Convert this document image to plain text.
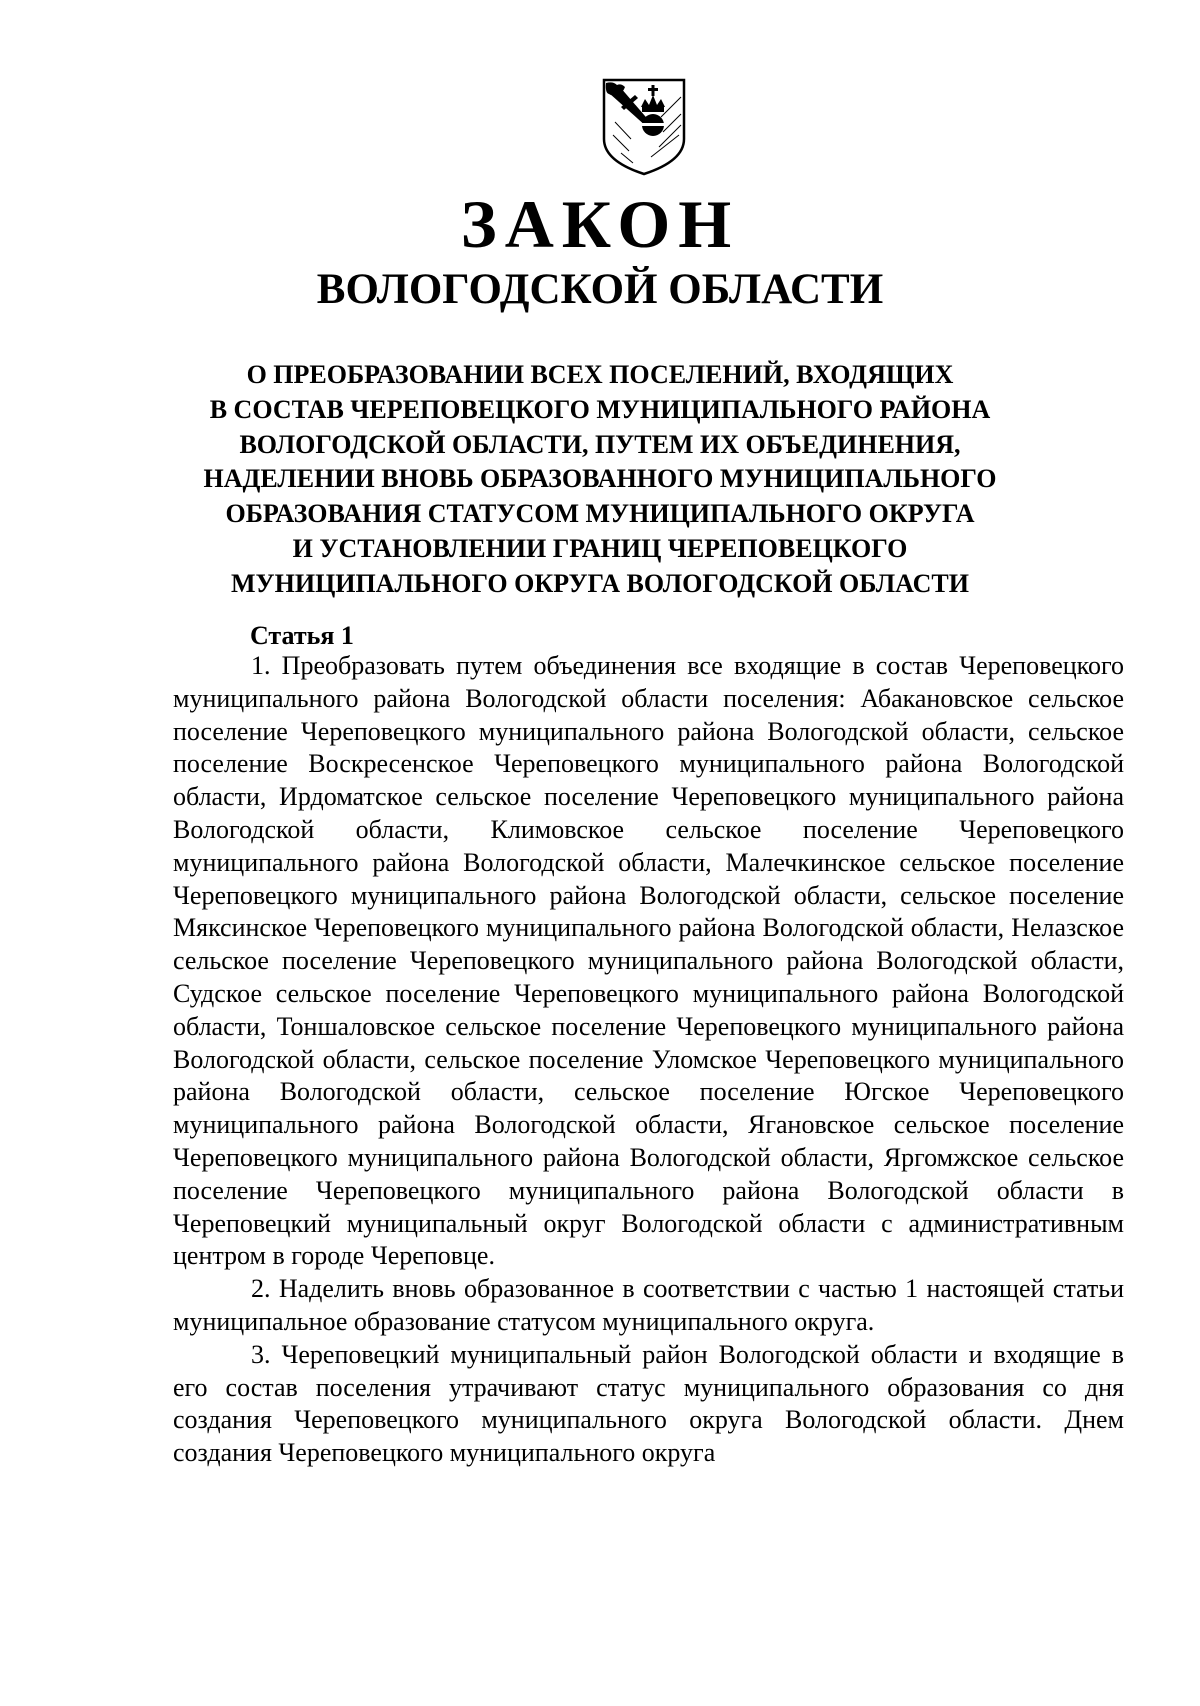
ЗАКОН
ВОЛОГОДСКОЙ ОБЛАСТИ
О ПРЕОБРАЗОВАНИИ ВСЕХ ПОСЕЛЕНИЙ, ВХОДЯЩИХ
В СОСТАВ ЧЕРЕПОВЕЦКОГО МУНИЦИПАЛЬНОГО РАЙОНА
ВОЛОГОДСКОЙ ОБЛАСТИ, ПУТЕМ ИХ ОБЪЕДИНЕНИЯ,
НАДЕЛЕНИИ ВНОВЬ ОБРАЗОВАННОГО МУНИЦИПАЛЬНОГО
ОБРАЗОВАНИЯ СТАТУСОМ МУНИЦИПАЛЬНОГО ОКРУГА
И УСТАНОВЛЕНИИ ГРАНИЦ ЧЕРЕПОВЕЦКОГО
МУНИЦИПАЛЬНОГО ОКРУГА ВОЛОГОДСКОЙ ОБЛАСТИ
Статья 1

1. Преобразовать путем объединения все входящие в состав Череповецкого муниципального района Вологодской области поселения: Абакановское сельское поселение Череповецкого муниципального района Вологодской области, сельское поселение Воскресенское Череповецкого муниципального района Вологодской области, Ирдоматское сельское поселение Череповецкого муниципального района Вологодской области, Климовское сельское поселение Череповецкого муниципального района Вологодской области, Малечкинское сельское поселение Череповецкого муниципального района Вологодской области, сельское поселение Мяксинское Череповецкого муниципального района Вологодской области, Нелазское сельское поселение Череповецкого муниципального района Вологодской области, Судское сельское поселение Череповецкого муниципального района Вологодской области, Тоншаловское сельское поселение Череповецкого муниципального района Вологодской области, сельское поселение Уломское Череповецкого муниципального района Вологодской области, сельское поселение Югское Череповецкого муниципального района Вологодской области, Ягановское сельское поселение Череповецкого муниципального района Вологодской области, Яргомжское сельское поселение Череповецкого муниципального района Вологодской области в Череповецкий муниципальный округ Вологодской области с административным центром в городе Череповце.

2. Наделить вновь образованное в соответствии с частью 1 настоящей статьи муниципальное образование статусом муниципального округа.

3. Череповецкий муниципальный район Вологодской области и входящие в его состав поселения утрачивают статус муниципального образования со дня создания Череповецкого муниципального округа Вологодской области. Днем создания Череповецкого муниципального округа
